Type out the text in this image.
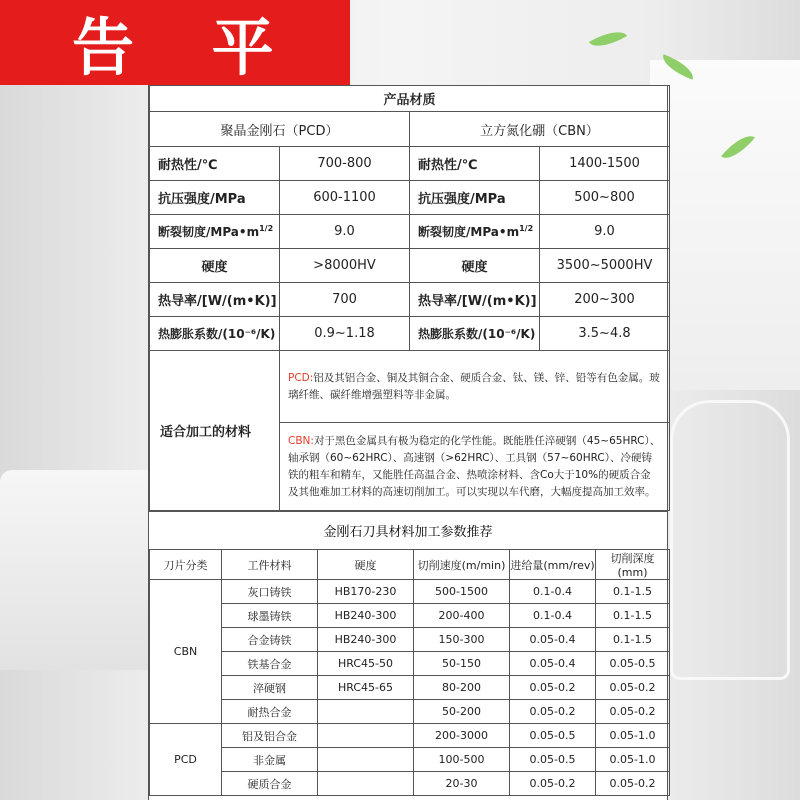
告 平
产品材质			
聚晶金刚石（PCD）		立方氮化硼（CBN）	
耐热性/℃	700-800	耐热性/℃	1400-1500
抗压强度/MPa	600-1100	抗压强度/MPa	500~800
断裂韧度$/MPa•m^{1/2}$	9.0	断裂韧度$/MPa•m^{1/2}$	9.0
硬度	>8000HV	硬度	3500~5000HV
热导率/[W/(m•K)]	700	热导率/[W/(m•K)]	200~300
热膨胀系数/(10⁻⁶/K)	0.9~1.18	热膨胀系数/(10⁻⁶/K)	3.5~4.8
适合加工的材料	PCD:铝及其铝合金、铜及其铜合金、硬质合金、钛、镁、锌、铅等有色金属。玻璃纤维、碳纤维增强塑料等非金属。		
	CBN:对于黑色金属具有极为稳定的化学性能。既能胜任淬硬钢（45~65HRC）、轴承钢（60~62HRC）、高速钢（>62HRC）、工具钢（57~60HRC）、冷硬铸铁的粗车和精车，又能胜任高温合金、热喷涂材料、含Co大于10%的硬质合金及其他难加工材料的高速切削加工。可以实现以车代磨，大幅度提高加工效率。		
金刚石刀具材料加工参数推荐
刀片分类	工件材料	硬度	切削速度(m/min)	进给量(mm/rev)	切削深度(mm)
CBN	灰口铸铁	HB170-230	500-1500	0.1-0.4	0.1-1.5
	球墨铸铁	HB240-300	200-400	0.1-0.4	0.1-1.5
	合金铸铁	HB240-300	150-300	0.05-0.4	0.1-1.5
	铁基合金	HRC45-50	50-150	0.05-0.4	0.05-0.5
	淬硬钢	HRC45-65	80-200	0.05-0.2	0.05-0.2
	耐热合金		50-200	0.05-0.2	0.05-0.2
PCD	铝及铝合金		200-3000	0.05-0.5	0.05-1.0
	非金属		100-500	0.05-0.5	0.05-1.0
	硬质合金		20-30	0.05-0.2	0.05-0.2
